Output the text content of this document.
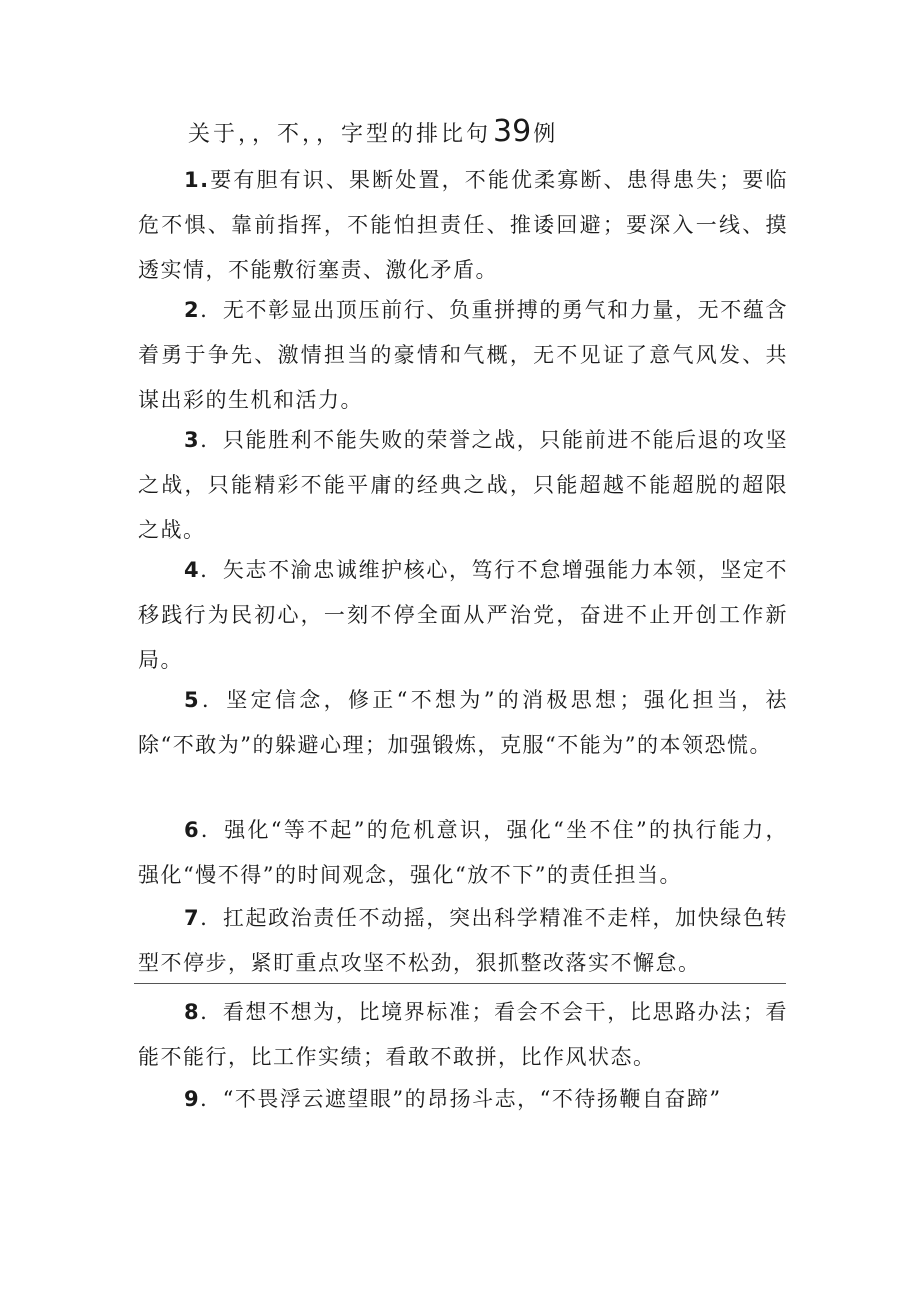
关于，，不，，字型的排比句39例

1.要有胆有识、果断处置，不能优柔寡断、患得患失；要临危不惧、靠前指挥，不能怕担责任、推诿回避；要深入一线、摸透实情，不能敷衍塞责、激化矛盾。

2．无不彰显出顶压前行、负重拼搏的勇气和力量，无不蕴含着勇于争先、激情担当的豪情和气概，无不见证了意气风发、共谋出彩的生机和活力。

3．只能胜利不能失败的荣誉之战，只能前进不能后退的攻坚之战，只能精彩不能平庸的经典之战，只能超越不能超脱的超限之战。

4．矢志不渝忠诚维护核心，笃行不怠增强能力本领，坚定不移践行为民初心，一刻不停全面从严治党，奋进不止开创工作新局。

5．坚定信念，修正“不想为”的消极思想；强化担当，祛除“不敢为”的躲避心理；加强锻炼，克服“不能为”的本领恐慌。

6．强化“等不起”的危机意识，强化“坐不住”的执行能力，强化“慢不得”的时间观念，强化“放不下”的责任担当。

7．扛起政治责任不动摇，突出科学精准不走样，加快绿色转型不停步，紧盯重点攻坚不松劲，狠抓整改落实不懈怠。

8．看想不想为，比境界标准；看会不会干，比思路办法；看能不能行，比工作实绩；看敢不敢拼，比作风状态。

9．“不畏浮云遮望眼”的昂扬斗志，“不待扬鞭自奋蹄”
